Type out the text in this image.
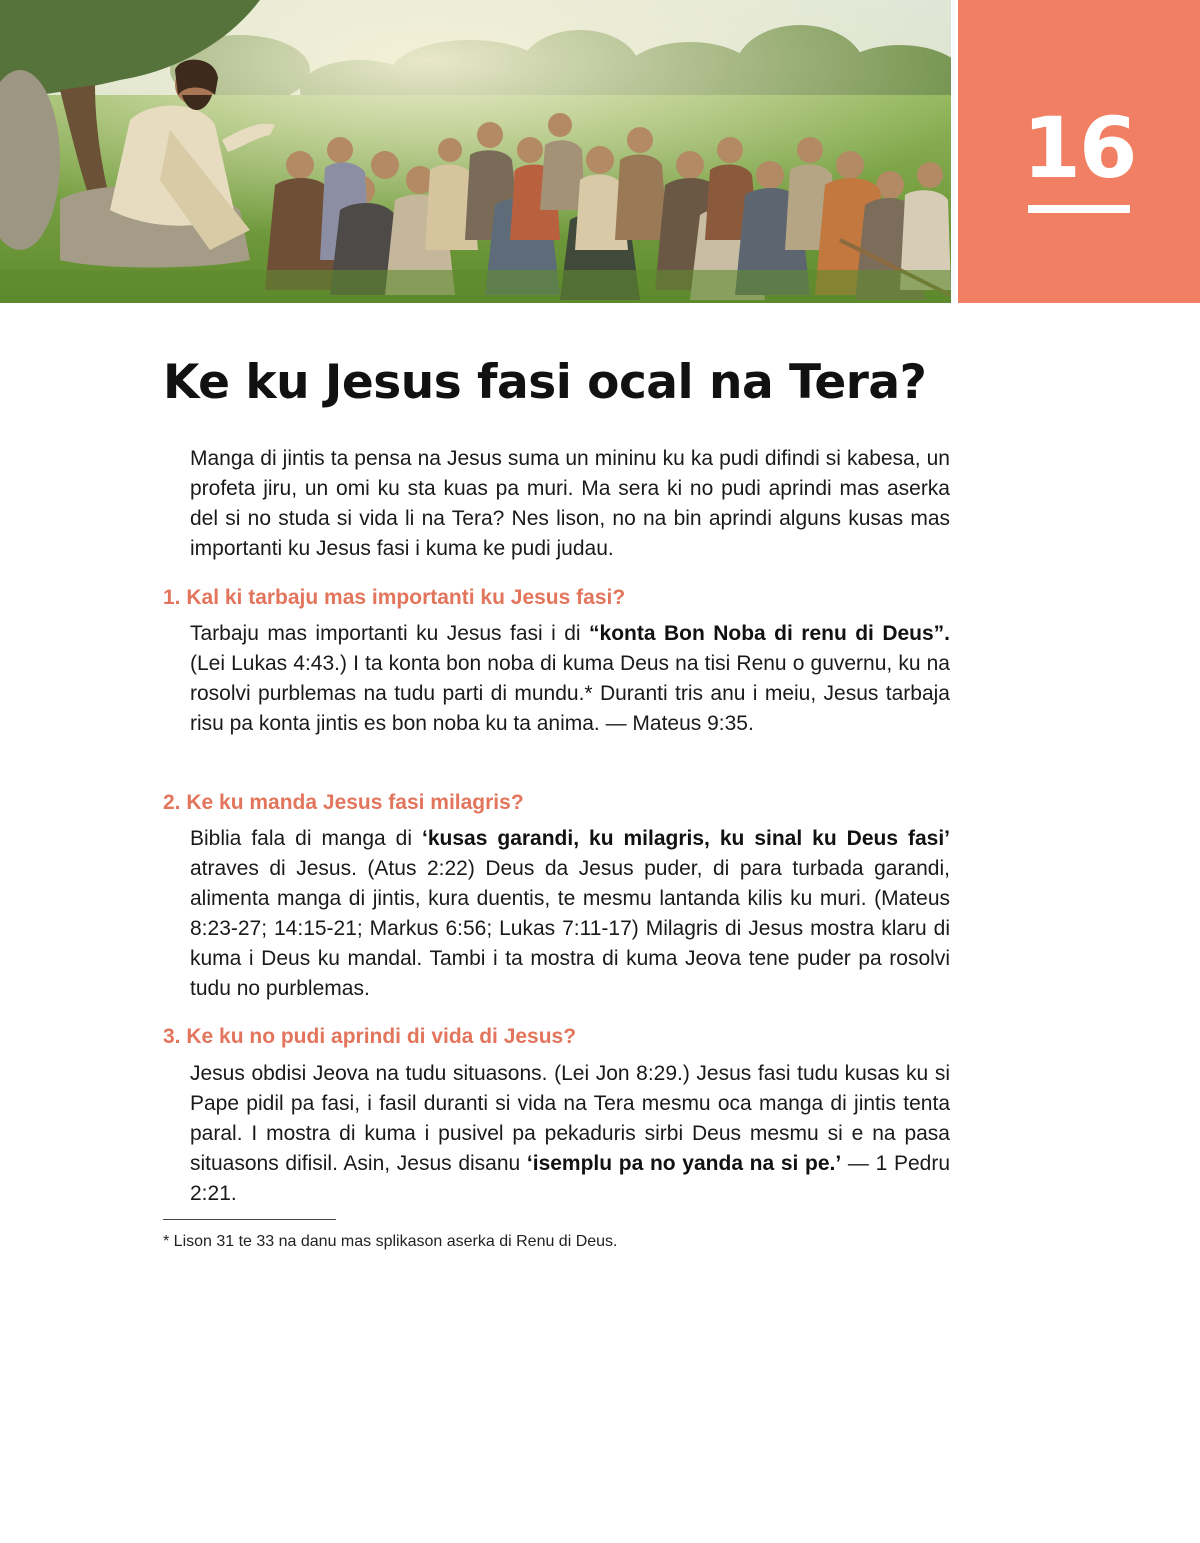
16
Ke ku Jesus fasi ocal na Tera?

Manga di jintis ta pensa na Jesus suma un mininu ku ka pudi difindi si kabesa, un profeta jiru, un omi ku sta kuas pa muri. Ma sera ki no pudi aprindi mas aserka del si no studa si vida li na Tera? Nes lison, no na bin aprindi alguns kusas mas importanti ku Jesus fasi i kuma ke pudi judau.

1. Kal ki tarbaju mas importanti ku Jesus fasi?

Tarbaju mas importanti ku Jesus fasi i di “konta Bon Noba di renu di Deus”. (Lei Lukas 4:43.) I ta konta bon noba di kuma Deus na tisi Renu o guvernu, ku na rosolvi purblemas na tudu parti di mundu.* Duranti tris anu i meiu, Jesus tarbaja risu pa konta jintis es bon noba ku ta anima. — Mateus 9:35.

2. Ke ku manda Jesus fasi milagris?

Biblia fala di manga di ‘kusas garandi, ku milagris, ku sinal ku Deus fasi’ atraves di Jesus. (Atus 2:22) Deus da Jesus puder, di para turbada garandi, alimenta manga di jintis, kura duentis, te mesmu lantanda kilis ku muri. (Mateus 8:23-27; 14:15-21; Markus 6:56; Lukas 7:11-17) Milagris di Jesus mostra klaru di kuma i Deus ku mandal. Tambi i ta mostra di kuma Jeova tene puder pa rosolvi tudu no purblemas.

3. Ke ku no pudi aprindi di vida di Jesus?

Jesus obdisi Jeova na tudu situasons. (Lei Jon 8:29.) Jesus fasi tudu kusas ku si Pape pidil pa fasi, i fasil duranti si vida na Tera mesmu oca manga di jintis tenta paral. I mostra di kuma i pusivel pa pekaduris sirbi Deus mesmu si e na pasa situasons difisil. Asin, Jesus disanu ‘isemplu pa no yanda na si pe.’ — 1 Pedru 2:21.

* Lison 31 te 33 na danu mas splikason aserka di Renu di Deus.
